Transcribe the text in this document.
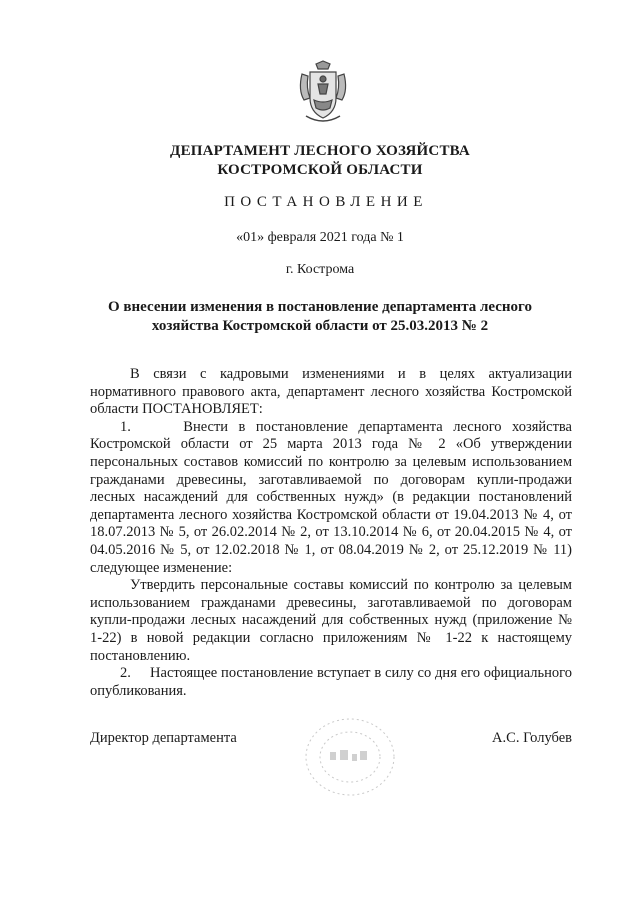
ДЕПАРТАМЕНТ ЛЕСНОГО ХОЗЯЙСТВА
КОСТРОМСКОЙ ОБЛАСТИ
ПОСТАНОВЛЕНИЕ
«01» февраля 2021 года № 1
г. Кострома
О внесении изменения в постановление департамента лесного хозяйства Костромской области от 25.03.2013 № 2

В связи с кадровыми изменениями и в целях актуализации нормативного правового акта, департамент лесного хозяйства Костромской области ПОСТАНОВЛЯЕТ:

1.     Внести в постановление департамента лесного хозяйства Костромской области от 25 марта 2013 года № 2 «Об утверждении персональных составов комиссий по контролю за целевым использованием гражданами древесины, заготавливаемой по договорам купли-продажи лесных насаждений для собственных нужд» (в редакции постановлений департамента лесного хозяйства Костромской области от 19.04.2013 № 4, от 18.07.2013 № 5, от 26.02.2014 № 2, от 13.10.2014 № 6, от 20.04.2015 № 4, от 04.05.2016 № 5, от 12.02.2018 № 1, от 08.04.2019 № 2, от 25.12.2019 № 11) следующее изменение:

Утвердить персональные составы комиссий по контролю за целевым использованием гражданами древесины, заготавливаемой по договорам купли-продажи лесных насаждений для собственных нужд (приложение № 1-22) в новой редакции согласно приложениям № 1-22 к настоящему постановлению.

2.     Настоящее постановление вступает в силу со дня его официального опубликования.

Директор департамента	А.С. Голубев
